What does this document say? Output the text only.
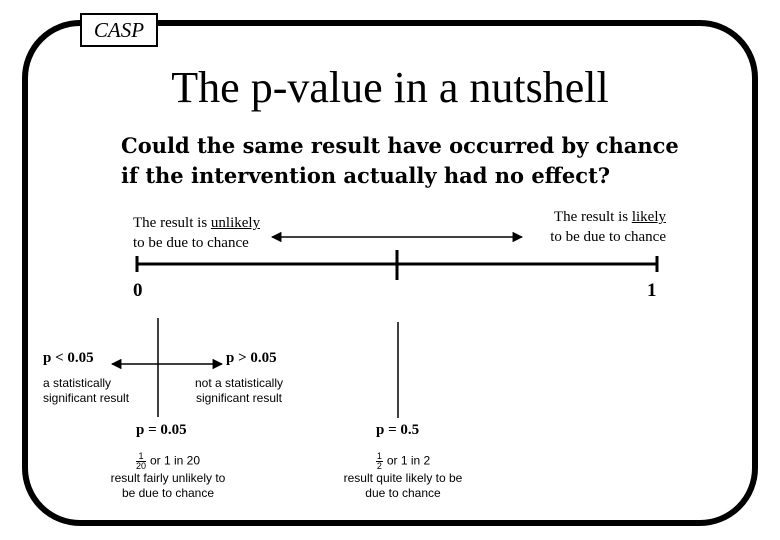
CASP
The p-value in a nutshell
Could the same result have occurred by chance if the intervention actually had no effect?
The result is unlikely
to be due to chance
The result is likely
to be due to chance
0	1
p < 0.05
a statistically
significant result
p > 0.05
not a statistically
significant result
p = 0.05
$\frac{1}{20}$ or 1 in 20
result fairly unlikely to
be due to chance
p = 0.5
$\frac{1}{2}$ or 1 in 2
result quite likely to be
due to chance
